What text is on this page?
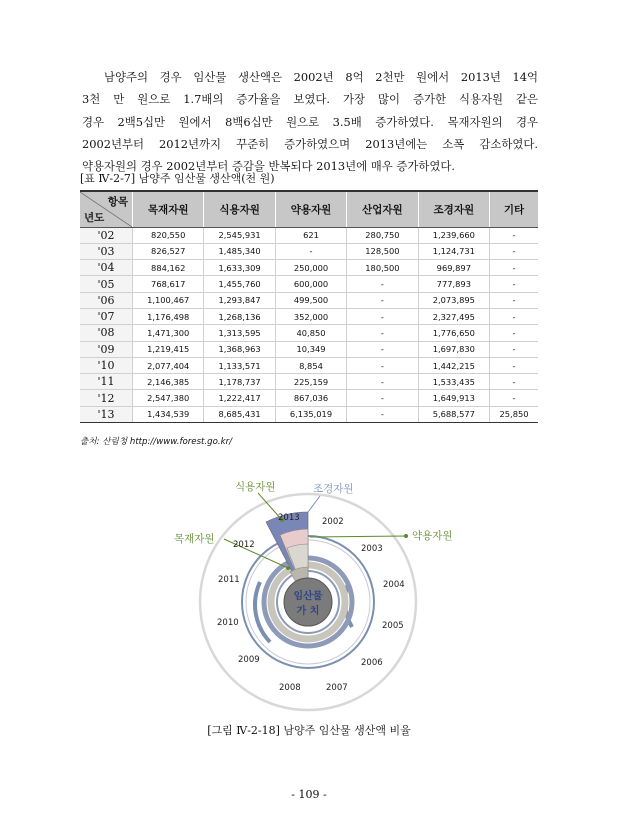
남양주의 경우 임산물 생산액은 2002년 8억 2천만 원에서 2013년 14억
3천 만 원으로 1.7배의 증가율을 보였다. 가장 많이 증가한 식용자원 같은
경우 2백5십만 원에서 8백6십만 원으로 3.5배 증가하였다. 목재자원의 경우
2002년부터 2012년까지 꾸준히 증가하였으며 2013년에는 소폭 감소하였다.
약용자원의 경우 2002년부터 증감을 반복되다 2013년에 매우 증가하였다.
[표 Ⅳ-2-7] 남양주 임산물 생산액(천 원)
항목
년도	목재자원	식용자원	약용자원	산업자원	조경자원	기타
'02	820,550	2,545,931	621	280,750	1,239,660	-
'03	826,527	1,485,340	-	128,500	1,124,731	-
'04	884,162	1,633,309	250,000	180,500	969,897	-
'05	768,617	1,455,760	600,000	-	777,893	-
'06	1,100,467	1,293,847	499,500	-	2,073,895	-
'07	1,176,498	1,268,136	352,000	-	2,327,495	-
'08	1,471,300	1,313,595	40,850	-	1,776,650	-
'09	1,219,415	1,368,963	10,349	-	1,697,830	-
'10	2,077,404	1,133,571	8,854	-	1,442,215	-
'11	2,146,385	1,178,737	225,159	-	1,533,435	-
'12	2,547,380	1,222,417	867,036	-	1,649,913	-
'13	1,434,539	8,685,431	6,135,019	-	5,688,577	25,850
출처: 산림청 http://www.forest.go.kr/
임산물
가 치
식용자원	조경자원
약용자원
목재자원
2013	2002
2003
2004
2005
2006
2007
2008
2009
2010
2011
2012
[그림 Ⅳ-2-18] 남양주 임산물 생산액 비율
- 109 -
